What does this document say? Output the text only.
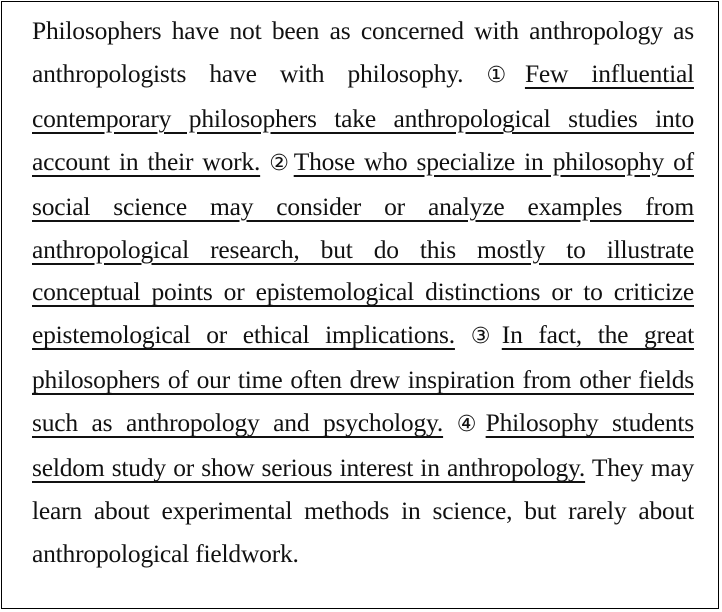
Philosophers have not been as concerned with anthropology as anthropologists have with philosophy. ①Few influential contemporary philosophers take anthropological studies into account in their work. ②Those who specialize in philosophy of social science may consider or analyze examples from anthropological research, but do this mostly to illustrate conceptual points or epistemological distinctions or to criticize epistemological or ethical implications. ③In fact, the great philosophers of our time often drew inspiration from other fields such as anthropology and psychology. ④Philosophy students seldom study or show serious interest in anthropology. They may learn about experimental methods in science, but rarely about anthropological fieldwork.
